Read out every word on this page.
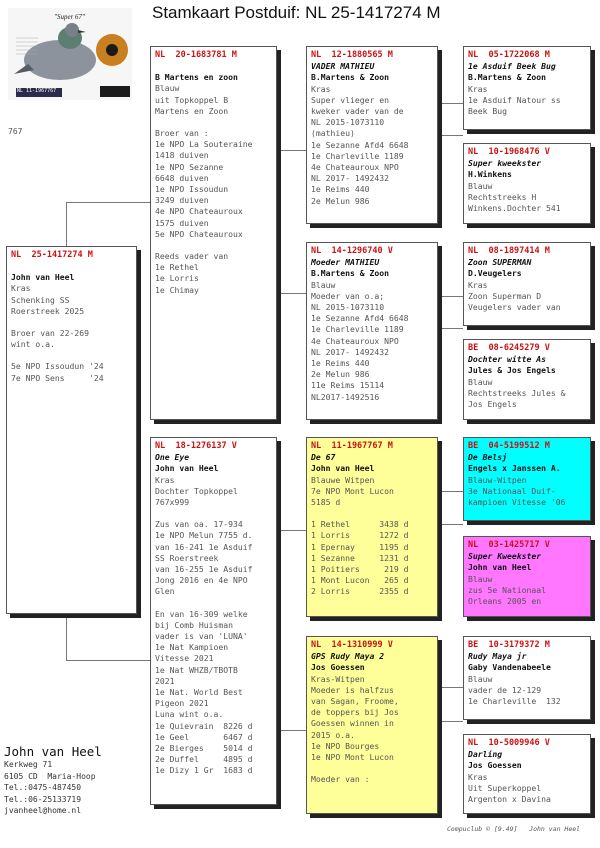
Stamkaart Postduif: NL 25-1417274 M
"Super 67"
NL 11-1967767
767
NL  25-1417274 M
John van Heel
Kras
Schenking SS
Roerstreek 2025
Broer van 22-269
wint o.a.
5e NPO Issoudun '24
7e NPO Sens     '24
NL  20-1683781 M
B Martens en zoon
Blauw
uit Topkoppel B
Martens en Zoon
Broer van :
1e NPO La Souteraine
1418 duiven
1e NPO Sezanne
6648 duiven
1e NPO Issoudun
3249 duiven
4e NPO Chateauroux
1575 duiven
5e NPO Chateauroux
Reeds vader van
1e Rethel
1e Lorris
1e Chimay
NL  18-1276137 V
One Eye
John van Heel
Kras
Dochter Topkoppel
767x999
Zus van oa. 17-934
1e NPO Melun 7755 d.
van 16-241 1e Asduif
SS Roerstreek
van 16-255 1e Asduif
Jong 2016 en 4e NPO
Glen
En van 16-309 welke
bij Comb Huisman
vader is van 'LUNA'
1e Nat Kampioen
Vitesse 2021
1e Nat WHZB/TBOTB
2021
1e Nat. World Best
Pigeon 2021
Luna wint o.a.
1e Quievrain  8226 d
1e Geel       6467 d
2e Bierges    5014 d
2e Duffel     4895 d
1e Dizy 1 Gr  1683 d
NL  12-1880565 M
VADER MATHIEU
B.Martens & Zoon
Kras
Super vlieger en
kweker vader van de
NL 2015-1073110
(mathieu)
1e Sezanne Afd4 6648
1e Charleville 1189
4e Chateauroux NPO
NL 2017- 1492432
1e Reims 440
2e Melun 986
NL  14-1296740 V
Moeder MATHIEU
B.Martens & Zoon
Blauw
Moeder van o.a;
NL 2015-1073110
1e Sezanne Afd4 6648
1e Charleville 1189
4e Chateauroux NPO
NL 2017- 1492432
1e Reims 440
2e Melun 986
11e Reims 15114
NL2017-1492516
NL  11-1967767 M
De 67
John van Heel
Blauwe Witpen
7e NPO Mont Lucon
5185 d
1 Rethel      3438 d
1 Lorris      1272 d
1 Epernay     1195 d
1 Sezanne     1231 d
1 Poitiers     219 d
1 Mont Lucon   265 d
2 Lorris      2355 d
NL  14-1310999 V
GPS Rudy Maya 2
Jos Goessen
Kras-Witpen
Moeder is halfzus
van Sagan, Froome,
de toppers bij Jos
Goessen winnen in
2015 o.a.
1e NPO Bourges
1e NPO Mont Lucon
Moeder van :
NL  05-1722068 M
1e Asduif Beek Bug
B.Martens & Zoon
Kras
1e Asduif Natour ss
Beek Bug
NL  10-1968476 V
Super kweekster
H.Winkens
Blauw
Rechtstreeks H
Winkens.Dochter 541
NL  08-1897414 M
Zoon SUPERMAN
D.Veugelers
Kras
Zoon Superman D
Veugelers vader van
BE  08-6245279 V
Dochter witte As
Jules & Jos Engels
Blauw
Rechtstreeks Jules &
Jos Engels
BE  04-5199512 M
De Belsj
Engels x Janssen A.
Blauw-Witpen
3e Nationaal Duif-
kampioen Vitesse '06
NL  03-1425717 V
Super Kweekster
John van Heel
Blauw
zus 5e Nationaal
Orleans 2005 en
BE  10-3179372 M
Rudy Maya jr
Gaby Vandenabeele
Blauw
vader de 12-129
1e Charleville  132
NL  10-5009946 V
Darling
Jos Goessen
Kras
Uit Superkoppel
Argenton x Davina
John van Heel
Kerkweg 71
6105 CD  Maria-Hoop
Tel.:0475-487450
Tel.:06-25133719
jvanheel@home.nl
Compuclub © [9.49]   John van Heel
